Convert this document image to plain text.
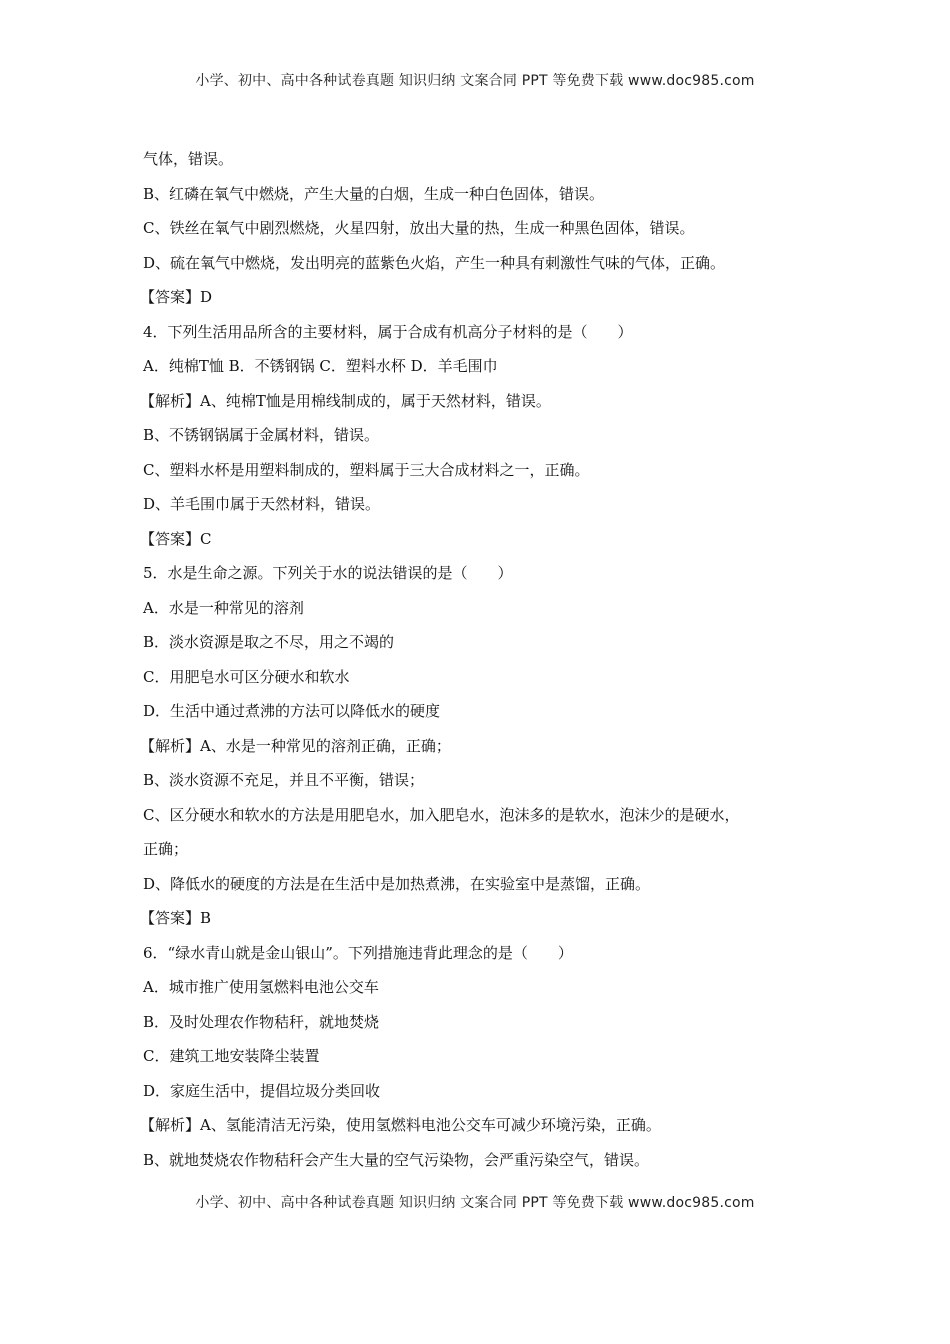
小学、初中、高中各种试卷真题 知识归纳 文案合同 PPT 等免费下载 www.doc985.com
气体，错误。
B、红磷在氧气中燃烧，产生大量的白烟，生成一种白色固体，错误。
C、铁丝在氧气中剧烈燃烧，火星四射，放出大量的热，生成一种黑色固体，错误。
D、硫在氧气中燃烧，发出明亮的蓝紫色火焰，产生一种具有刺激性气味的气体，正确。
【答案】D
4．下列生活用品所含的主要材料，属于合成有机高分子材料的是（　　）
A．纯棉T恤 B．不锈钢锅 C．塑料水杯 D．羊毛围巾
【解析】A、纯棉T恤是用棉线制成的，属于天然材料，错误。
B、不锈钢锅属于金属材料，错误。
C、塑料水杯是用塑料制成的，塑料属于三大合成材料之一，正确。
D、羊毛围巾属于天然材料，错误。
【答案】C
5．水是生命之源。下列关于水的说法错误的是（　　）
A．水是一种常见的溶剂
B．淡水资源是取之不尽，用之不竭的
C．用肥皂水可区分硬水和软水
D．生活中通过煮沸的方法可以降低水的硬度
【解析】A、水是一种常见的溶剂正确，正确；
B、淡水资源不充足，并且不平衡，错误；
C、区分硬水和软水的方法是用肥皂水，加入肥皂水，泡沫多的是软水，泡沫少的是硬水，
正确；
D、降低水的硬度的方法是在生活中是加热煮沸，在实验室中是蒸馏，正确。
【答案】B
6．“绿水青山就是金山银山”。下列措施违背此理念的是（　　）
A．城市推广使用氢燃料电池公交车
B．及时处理农作物秸秆，就地焚烧
C．建筑工地安装降尘装置
D．家庭生活中，提倡垃圾分类回收
【解析】A、氢能清洁无污染，使用氢燃料电池公交车可减少环境污染，正确。
B、就地焚烧农作物秸秆会产生大量的空气污染物，会严重污染空气，错误。
小学、初中、高中各种试卷真题 知识归纳 文案合同 PPT 等免费下载 www.doc985.com
